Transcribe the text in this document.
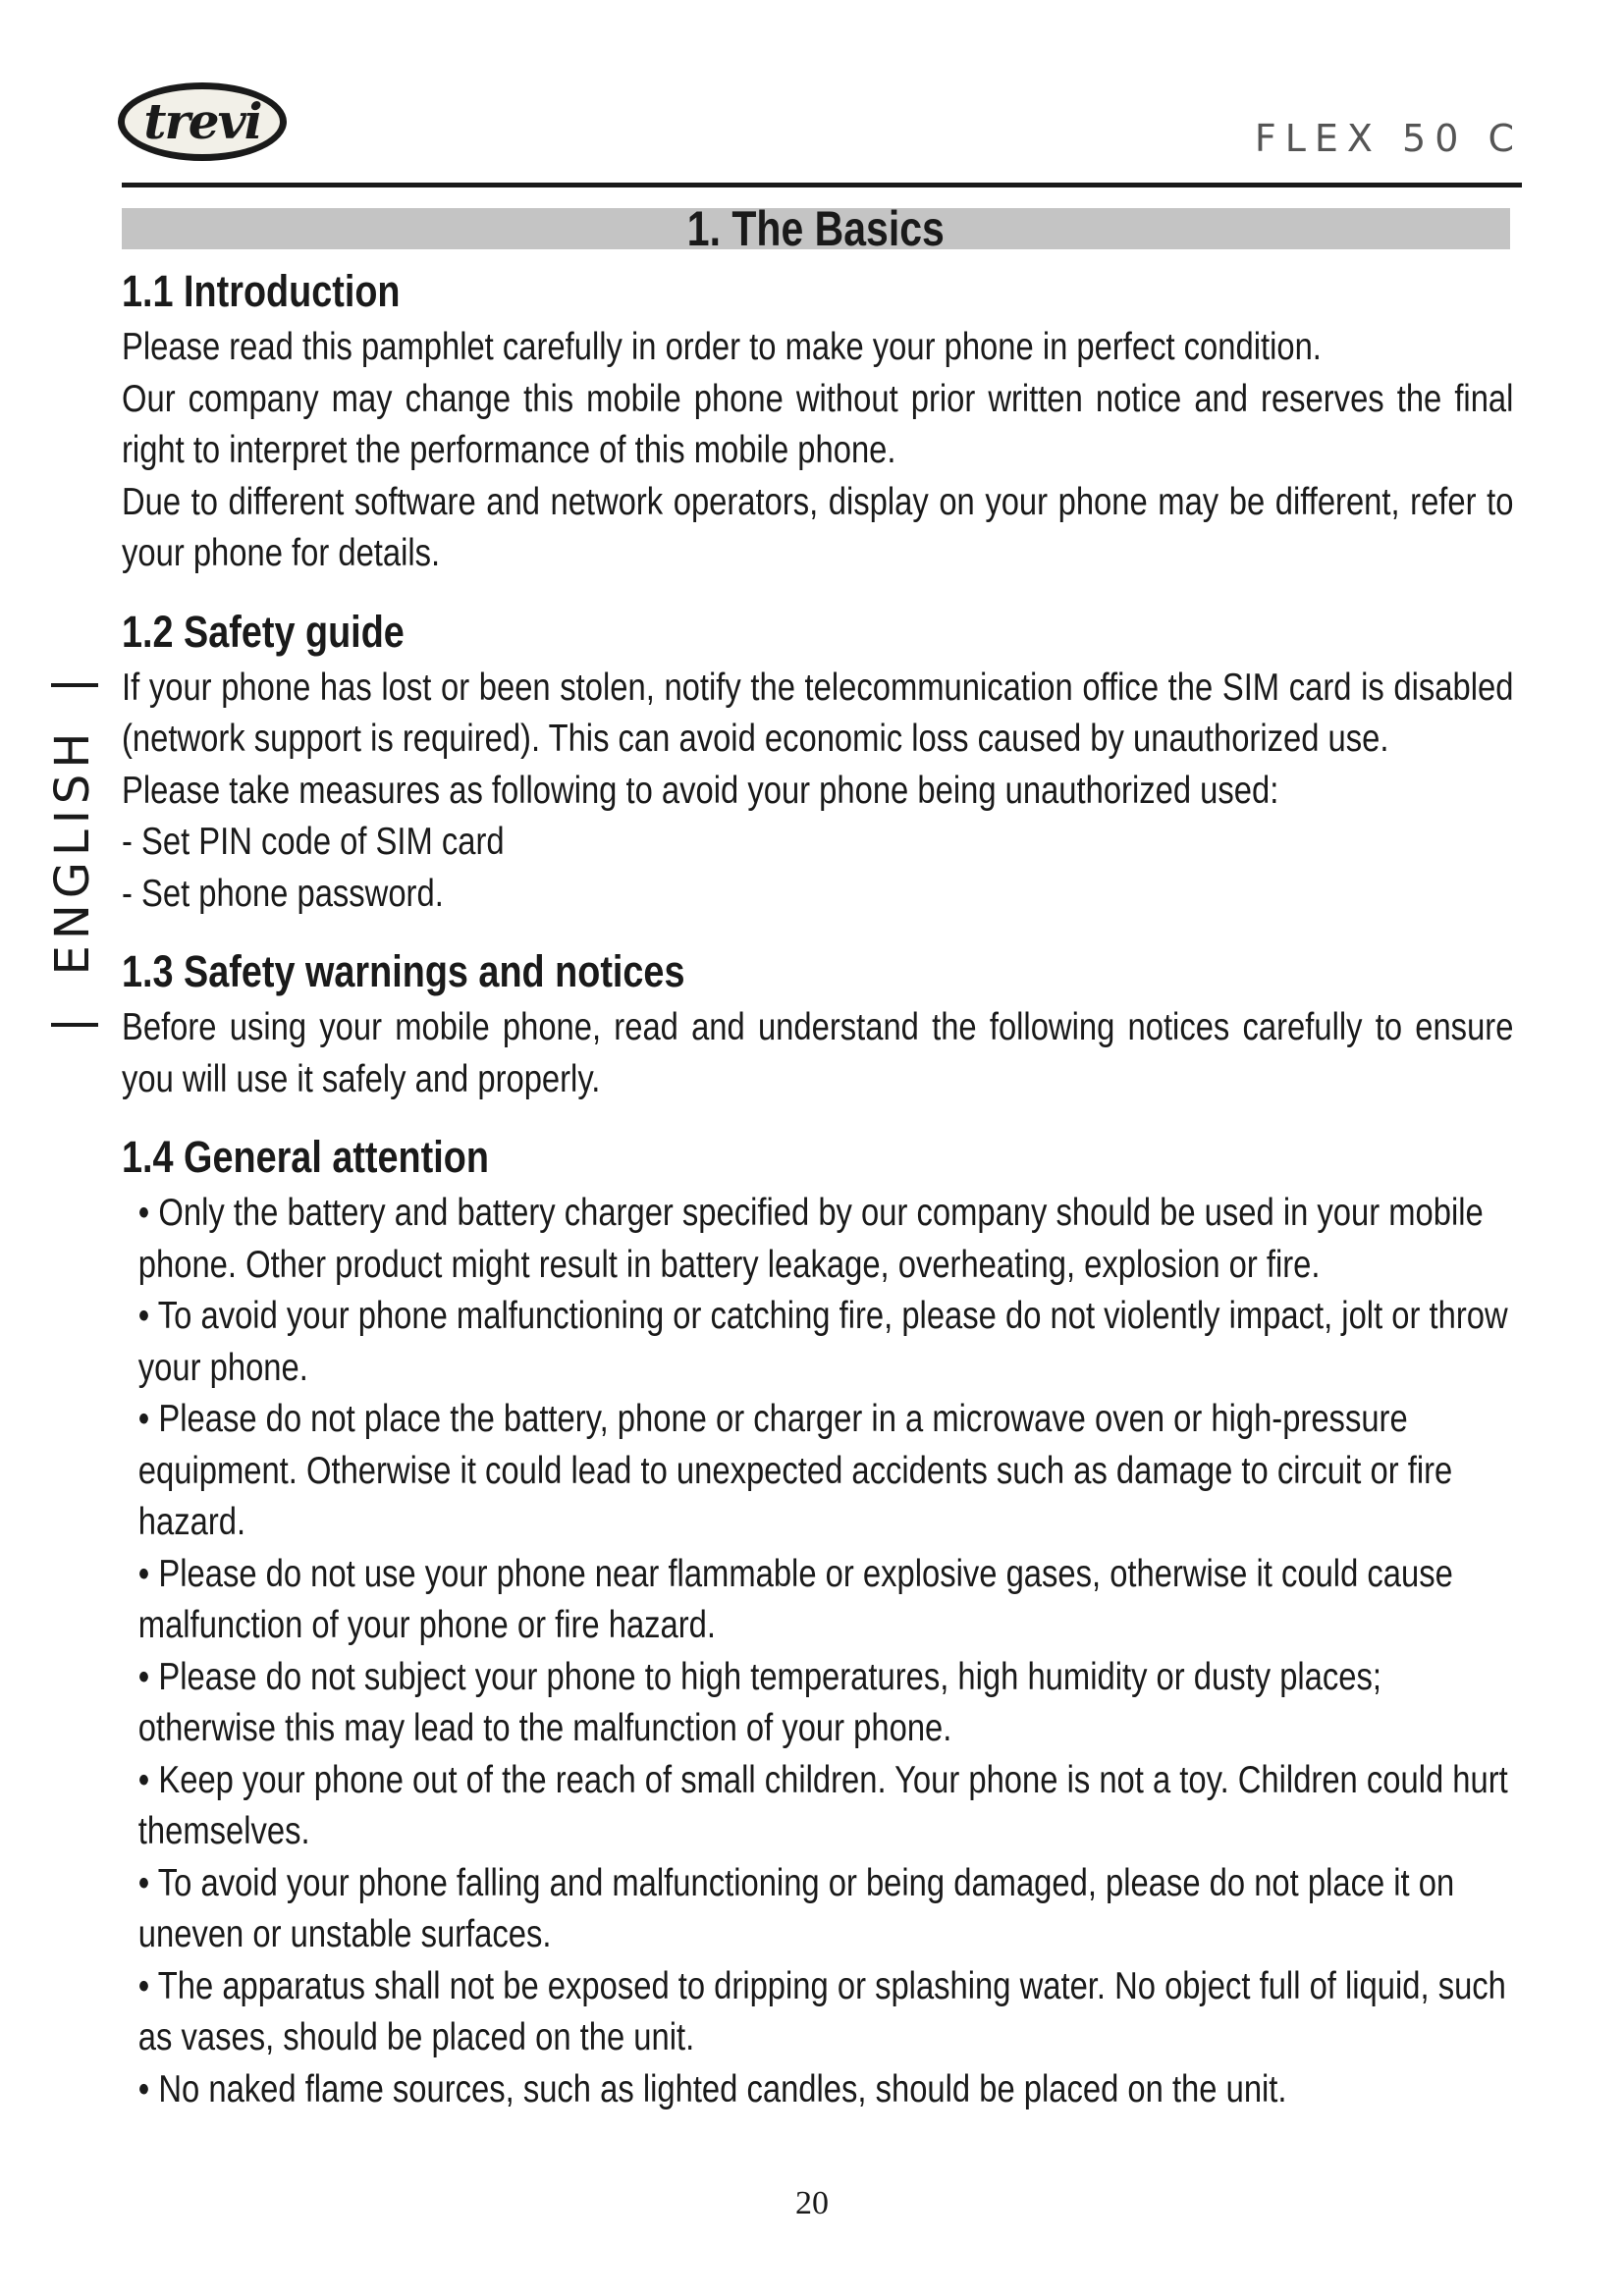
trevi	FLEX 50 C
1. The Basics
ENGLISH
1.1 Introduction

Please read this pamphlet carefully in order to make your phone in perfect condition.

Our company may change this mobile phone without prior written notice and reserves the final right to interpret the performance of this mobile phone.

Due to different software and network operators, display on your phone may be different, refer to your phone for details.

1.2 Safety guide

If your phone has lost or been stolen, notify the telecommunication office the SIM card is disabled (network support is required). This can avoid economic loss caused by unauthorized use.

Please take measures as following to avoid your phone being unauthorized used:

- Set PIN code of SIM card

- Set phone password.

1.3 Safety warnings and notices

Before using your mobile phone, read and understand the following notices carefully to ensure you will use it safely and properly.

1.4 General attention

• Only the battery and battery charger specified by our company should be used in your mobile phone. Other product might result in battery leakage, overheating, explosion or fire.

• To avoid your phone malfunctioning or catching fire, please do not violently impact, jolt or throw your phone.

• Please do not place the battery, phone or charger in a microwave oven or high-pressure equipment. Otherwise it could lead to unexpected accidents such as damage to circuit or fire hazard.

• Please do not use your phone near flammable or explosive gases, otherwise it could cause malfunction of your phone or fire hazard.

• Please do not subject your phone to high temperatures, high humidity or dusty places; otherwise this may lead to the malfunction of your phone.

• Keep your phone out of the reach of small children. Your phone is not a toy. Children could hurt themselves.

• To avoid your phone falling and malfunctioning or being damaged, please do not place it on uneven or unstable surfaces.

• The apparatus shall not be exposed to dripping or splashing water. No object full of liquid, such as vases, should be placed on the unit.

• No naked flame sources, such as lighted candles, should be placed on the unit.

20
